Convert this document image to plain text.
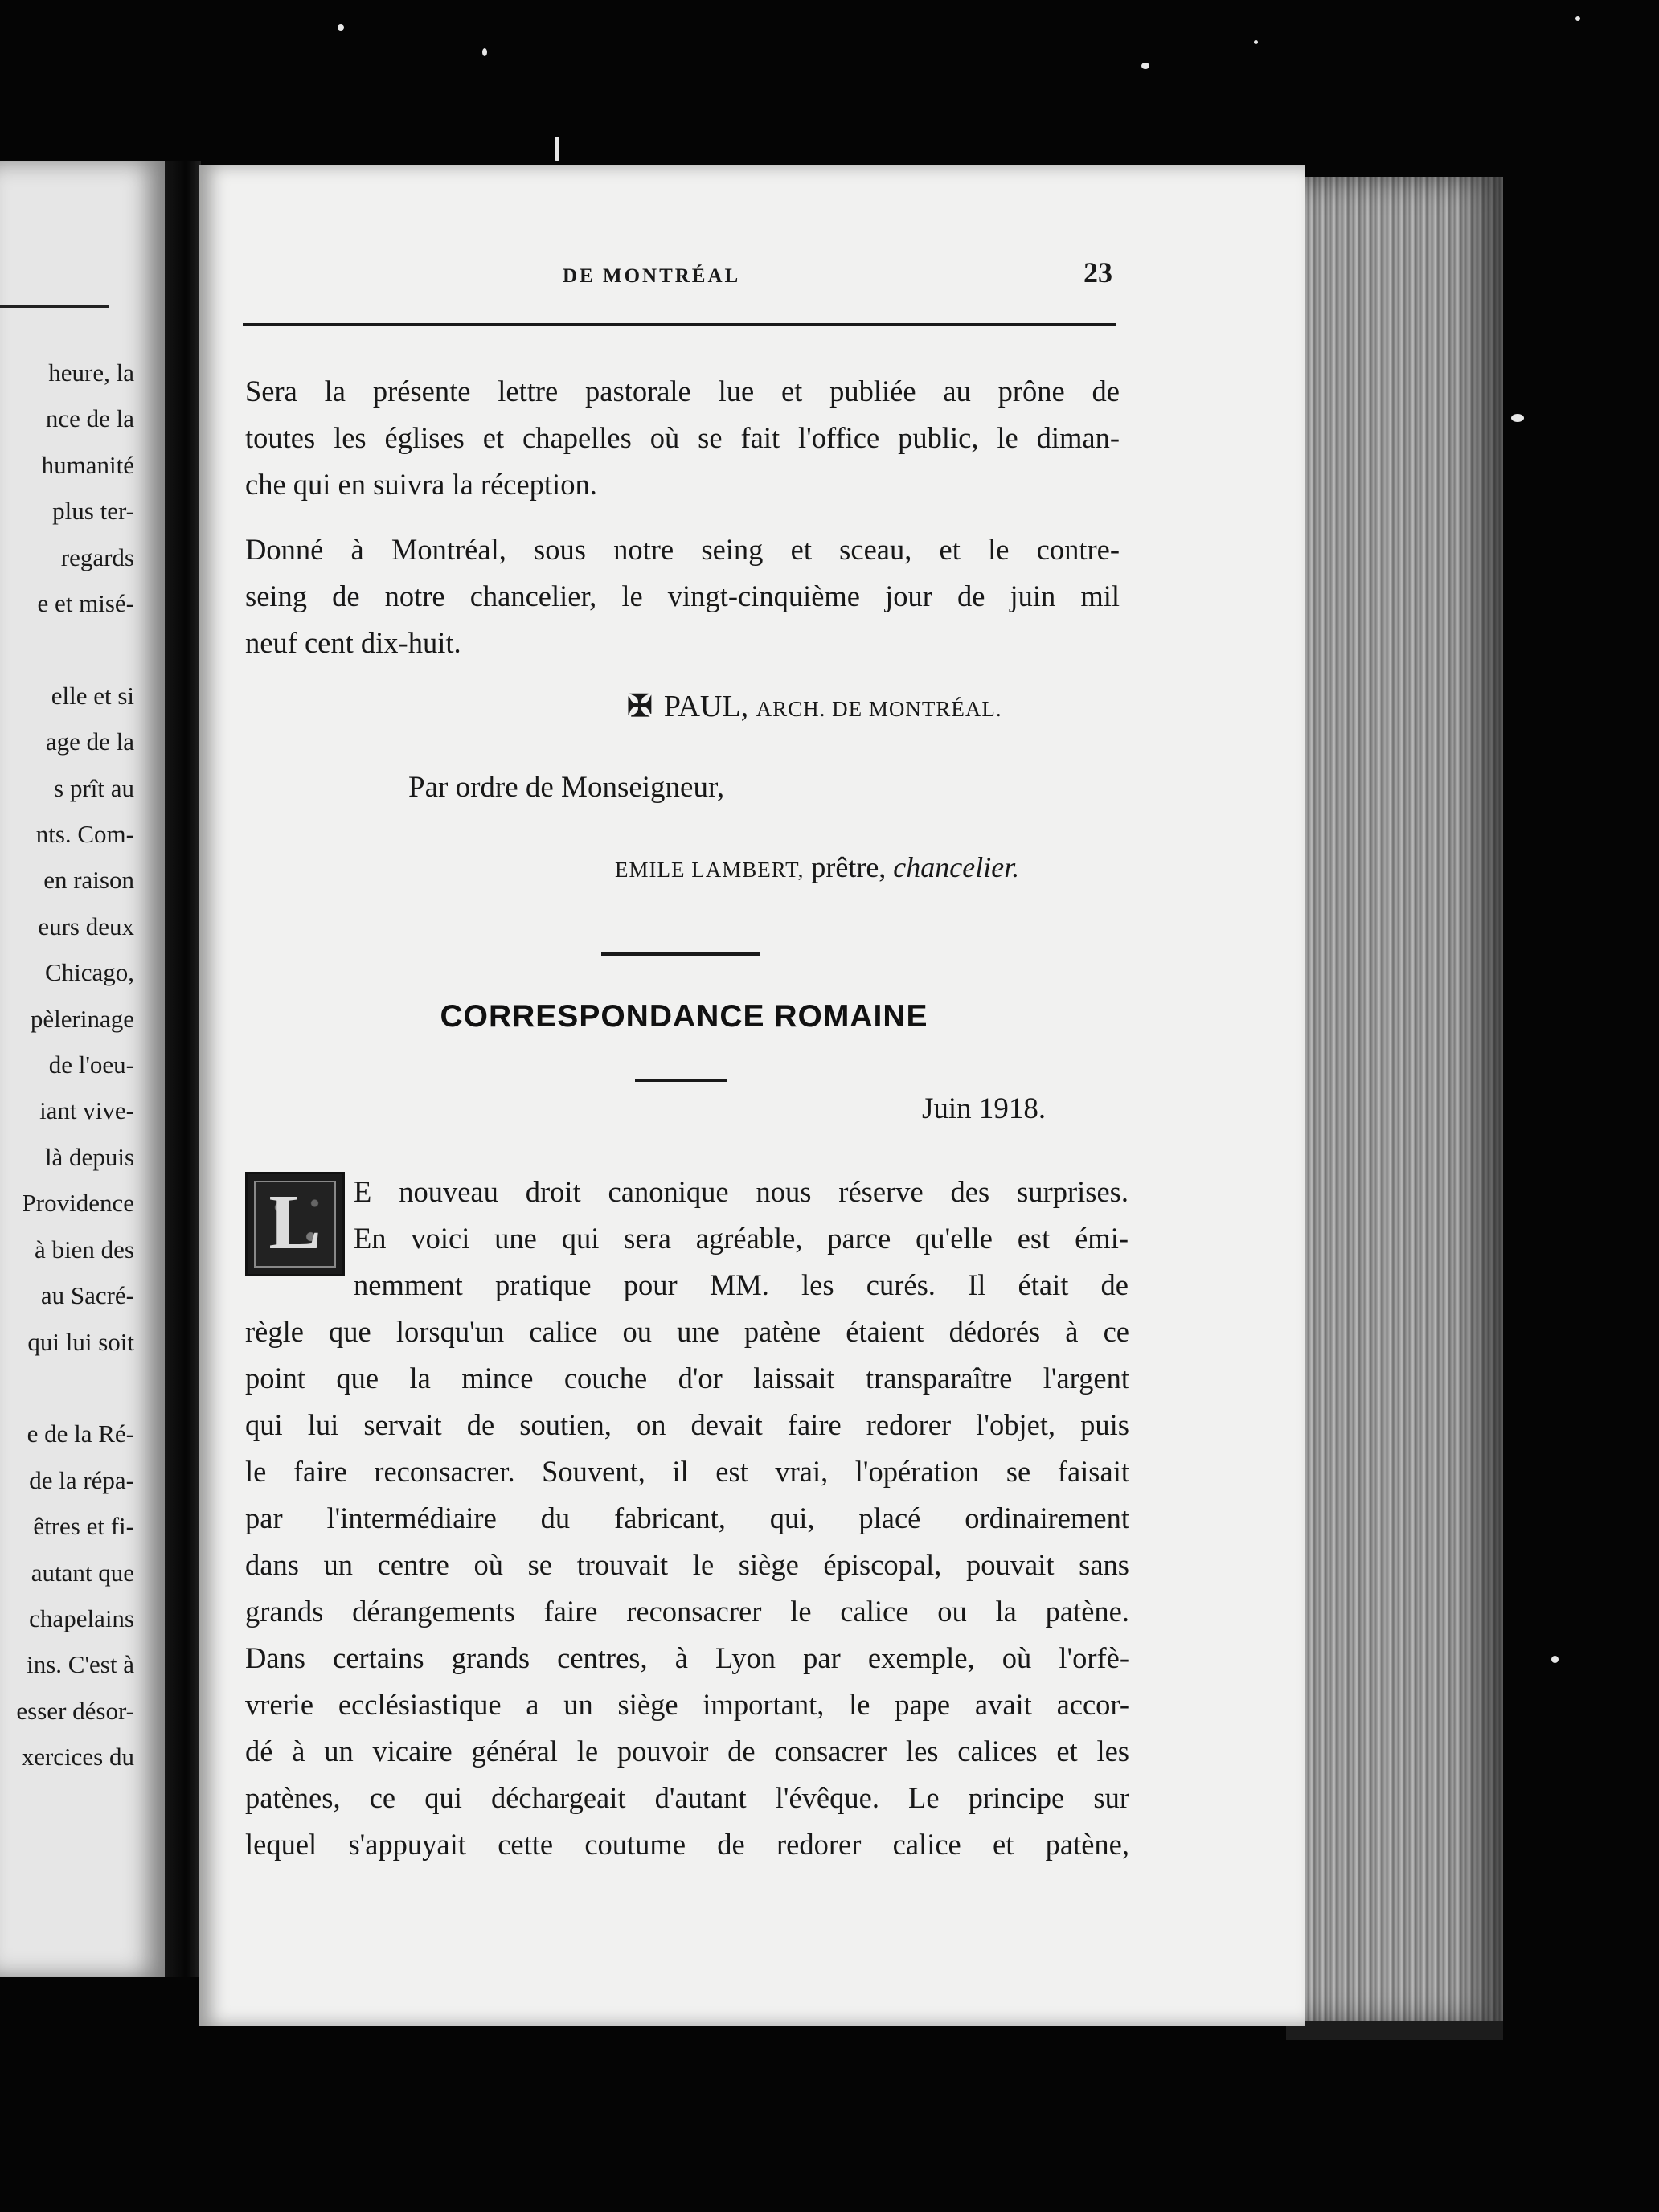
heure, la
nce de la
humanité
plus ter-
regards
e et misé-
elle et si
age de la
s prît au
nts. Com-
en raison
eurs deux
Chicago,
pèlerinage
de l'oeu-
iant vive-
là depuis
Providence
à bien des
au Sacré-
qui lui soit
e de la Ré-
de la répa-
êtres et fi-
autant que
chapelains
ins. C'est à
esser désor-
xercices du
DE MONTRÉAL	23

Sera la présente lettre pastorale lue et publiée au prône de

toutes les églises et chapelles où se fait l'office public, le diman-

che qui en suivra la réception.

Donné à Montréal, sous notre seing et sceau, et le contre-

seing de notre chancelier, le vingt-cinquième jour de juin mil

neuf cent dix-huit.

✠ PAUL, ARCH. DE MONTRÉAL.
Par ordre de Monseigneur,
EMILE LAMBERT, prêtre, chancelier.
CORRESPONDANCE ROMAINE
Juin 1918.
L	E nouveau droit canonique nous réserve des surprises.

En voici une qui sera agréable, parce qu'elle est émi-

nemment pratique pour MM. les curés. Il était de

règle que lorsqu'un calice ou une patène étaient dédorés à ce

point que la mince couche d'or laissait transparaître l'argent

qui lui servait de soutien, on devait faire redorer l'objet, puis

le faire reconsacrer. Souvent, il est vrai, l'opération se faisait

par l'intermédiaire du fabricant, qui, placé ordinairement

dans un centre où se trouvait le siège épiscopal, pouvait sans

grands dérangements faire reconsacrer le calice ou la patène.

Dans certains grands centres, à Lyon par exemple, où l'orfè-

vrerie ecclésiastique a un siège important, le pape avait accor-

dé à un vicaire général le pouvoir de consacrer les calices et les

patènes, ce qui déchargeait d'autant l'évêque. Le principe sur

lequel s'appuyait cette coutume de redorer calice et patène,
